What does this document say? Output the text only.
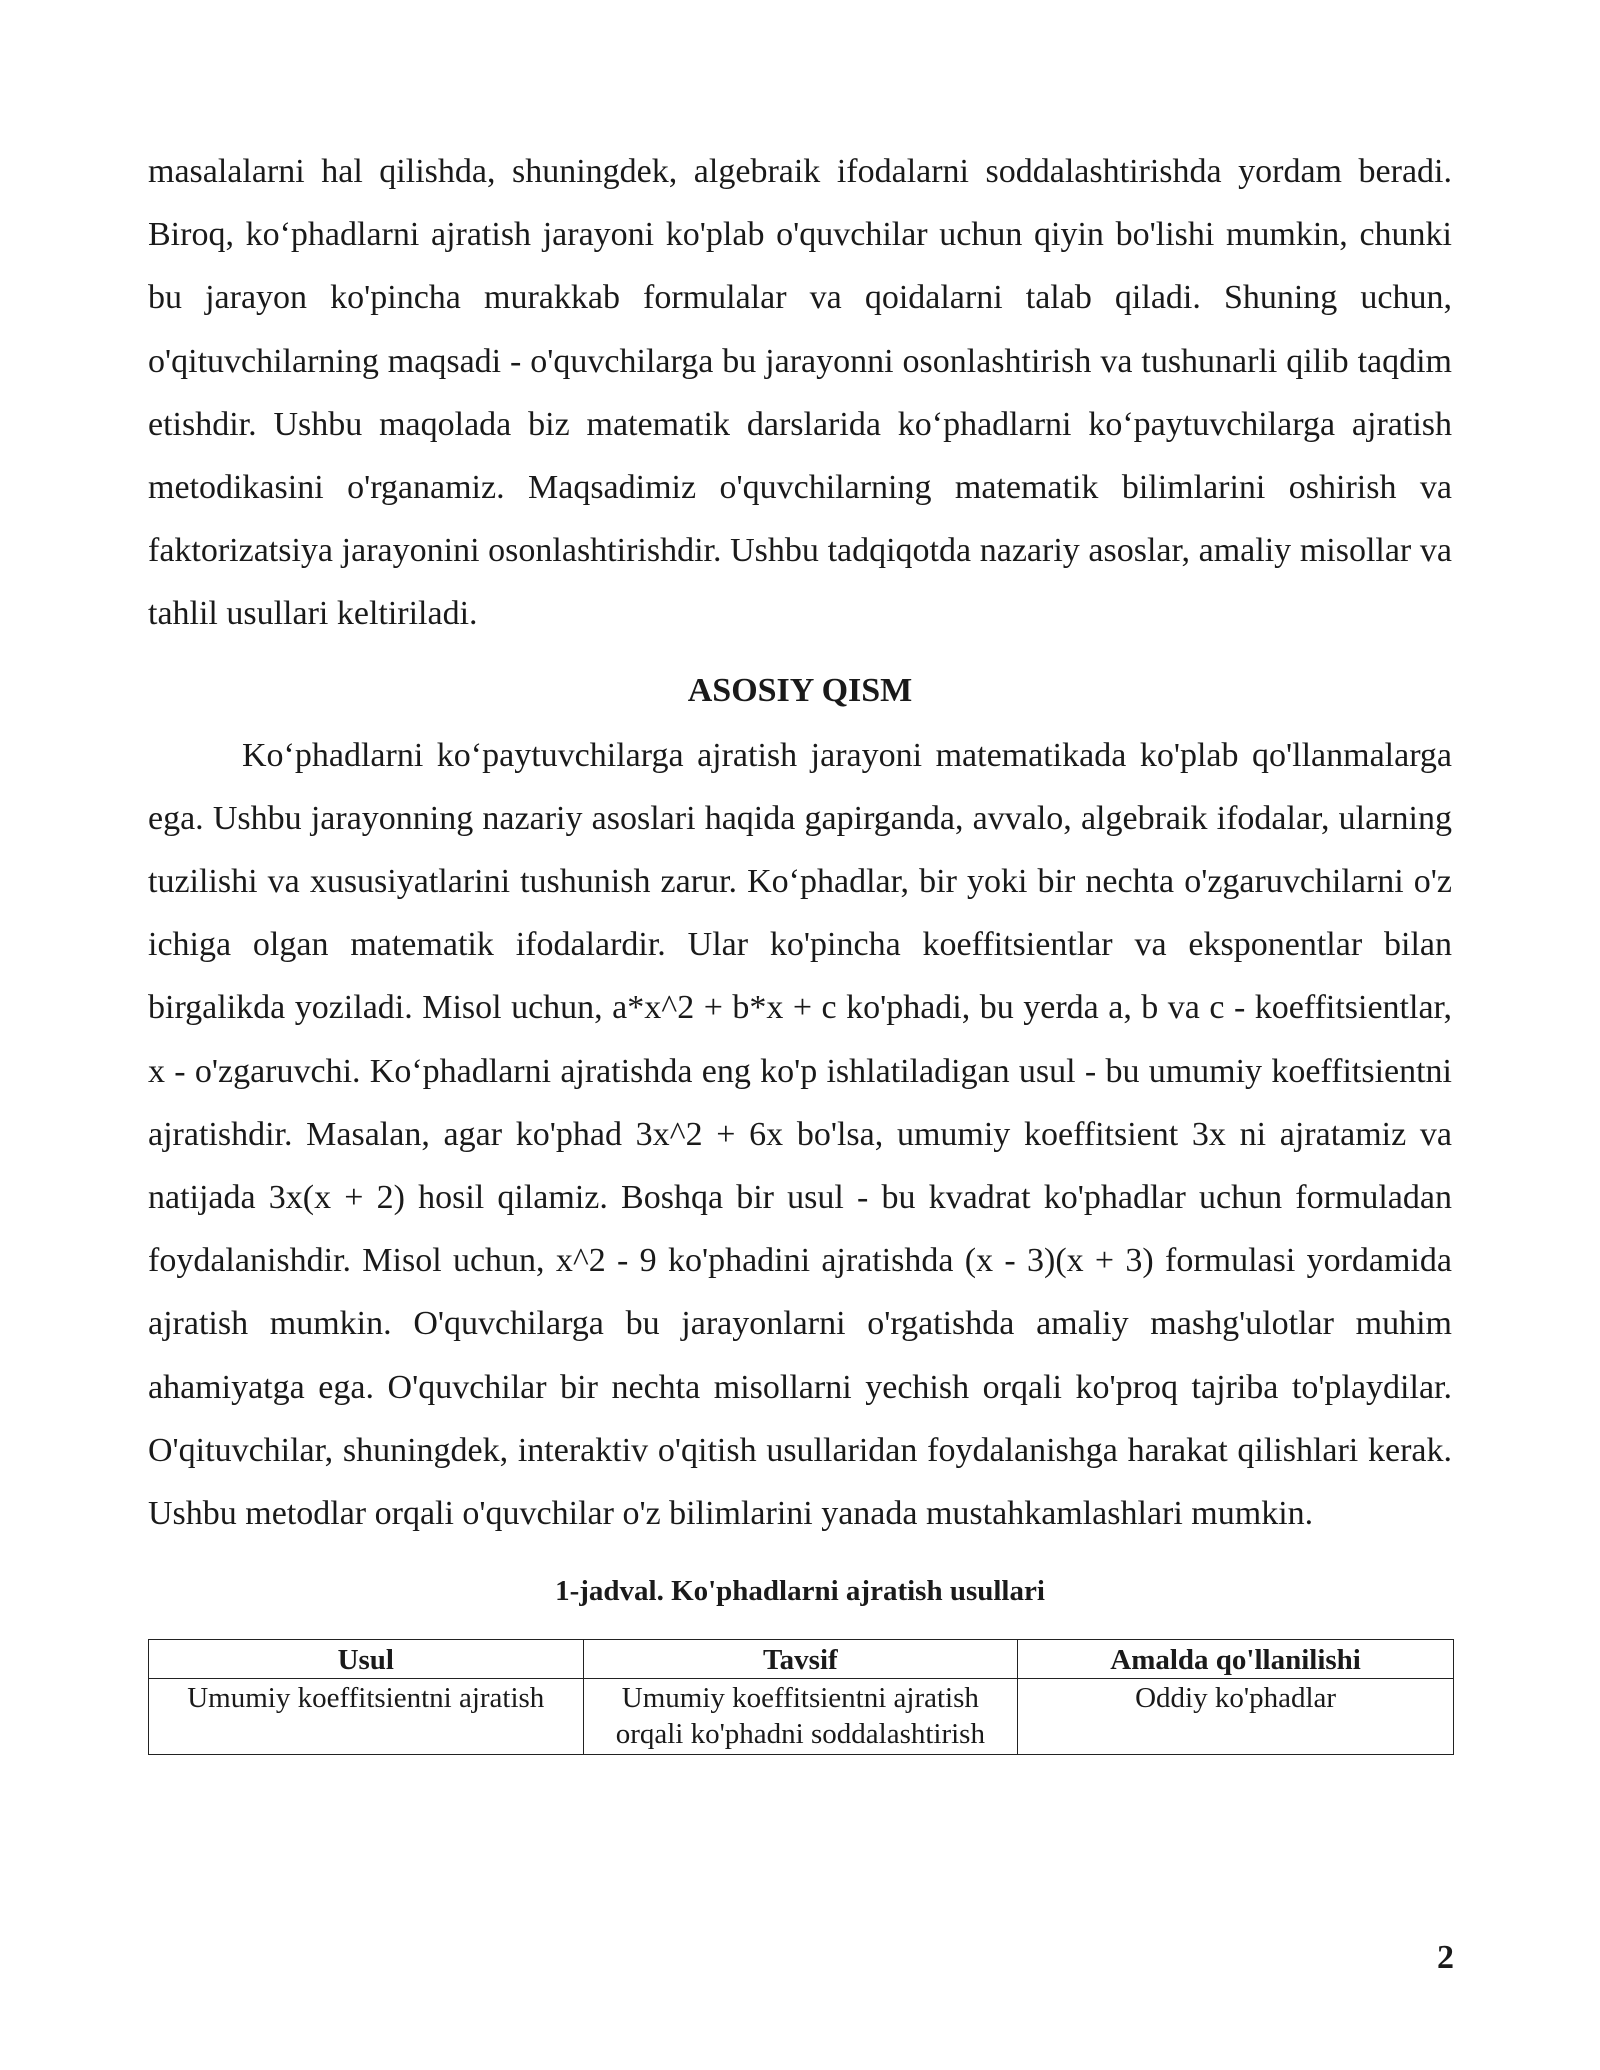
masalalarni hal qilishda, shuningdek, algebraik ifodalarni soddalashtirishda yordam beradi. Biroq, ko‘phadlarni ajratish jarayoni ko'plab o'quvchilar uchun qiyin bo'lishi mumkin, chunki bu jarayon ko'pincha murakkab formulalar va qoidalarni talab qiladi. Shuning uchun, o'qituvchilarning maqsadi - o'quvchilarga bu jarayonni osonlashtirish va tushunarli qilib taqdim etishdir. Ushbu maqolada biz matematik darslarida ko‘phadlarni ko‘paytuvchilarga ajratish metodikasini o'rganamiz. Maqsadimiz o'quvchilarning matematik bilimlarini oshirish va faktorizatsiya jarayonini osonlashtirishdir. Ushbu tadqiqotda nazariy asoslar, amaliy misollar va tahlil usullari keltiriladi.

ASOSIY QISM

Ko‘phadlarni ko‘paytuvchilarga ajratish jarayoni matematikada ko'plab qo'llanmalarga ega. Ushbu jarayonning nazariy asoslari haqida gapirganda, avvalo, algebraik ifodalar, ularning tuzilishi va xususiyatlarini tushunish zarur. Ko‘phadlar, bir yoki bir nechta o'zgaruvchilarni o'z ichiga olgan matematik ifodalardir. Ular ko'pincha koeffitsientlar va eksponentlar bilan birgalikda yoziladi. Misol uchun, a*x^2 + b*x + c ko'phadi, bu yerda a, b va c - koeffitsientlar, x - o'zgaruvchi. Ko‘phadlarni ajratishda eng ko'p ishlatiladigan usul - bu umumiy koeffitsientni ajratishdir. Masalan, agar ko'phad 3x^2 + 6x bo'lsa, umumiy koeffitsient 3x ni ajratamiz va natijada 3x(x + 2) hosil qilamiz. Boshqa bir usul - bu kvadrat ko'phadlar uchun formuladan foydalanishdir. Misol uchun, x^2 - 9 ko'phadini ajratishda (x - 3)(x + 3) formulasi yordamida ajratish mumkin. O'quvchilarga bu jarayonlarni o'rgatishda amaliy mashg'ulotlar muhim ahamiyatga ega. O'quvchilar bir nechta misollarni yechish orqali ko'proq tajriba to'playdilar. O'qituvchilar, shuningdek, interaktiv o'qitish usullaridan foydalanishga harakat qilishlari kerak. Ushbu metodlar orqali o'quvchilar o'z bilimlarini yanada mustahkamlashlari mumkin.

1-jadval. Ko'phadlarni ajratish usullari
Usul	Tavsif	Amalda qo'llanilishi
Umumiy koeffitsientni ajratish	Umumiy koeffitsientni ajratish orqali ko'phadni soddalashtirish	Oddiy ko'phadlar
2
